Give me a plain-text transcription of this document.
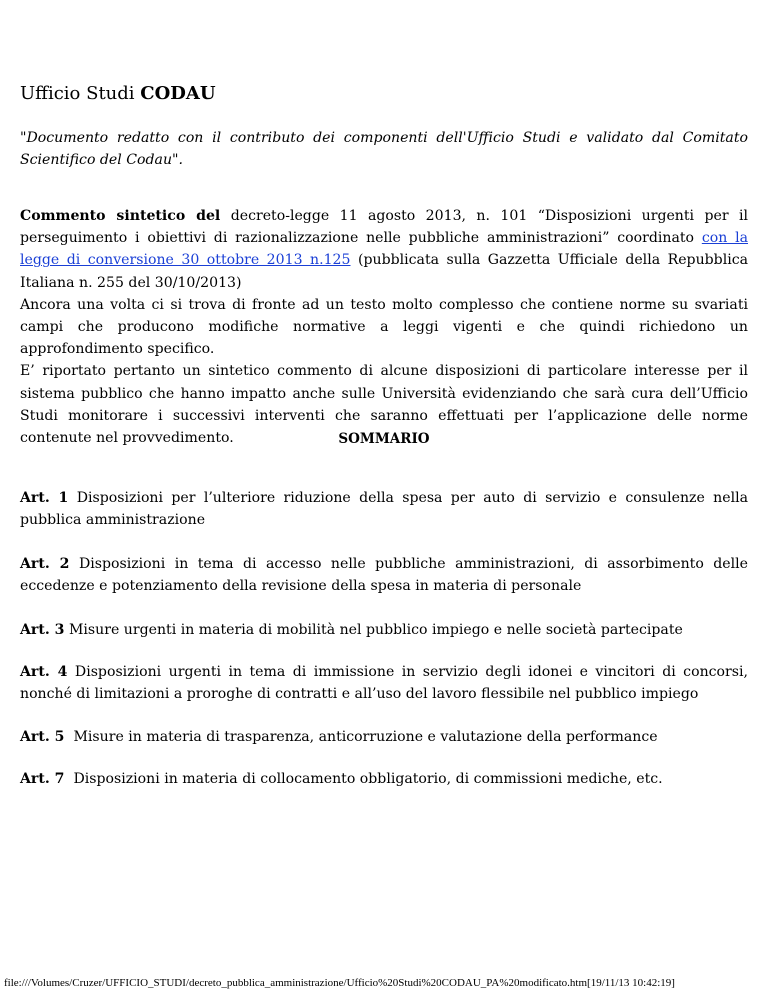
Ufficio Studi CODAU
"Documento redatto con il contributo dei componenti dell'Ufficio Studi e validato dal Comitato Scientifico del Codau".

Commento sintetico del decreto-legge 11 agosto 2013, n. 101 “Disposizioni urgenti per il perseguimento i obiettivi di razionalizzazione nelle pubbliche amministrazioni” coordinato con la legge di conversione 30 ottobre 2013 n.125 (pubblicata sulla Gazzetta Ufficiale della Repubblica Italiana n. 255 del 30/10/2013)

Ancora una volta ci si trova di fronte ad un testo molto complesso che contiene norme su svariati campi che producono modifiche normative a leggi vigenti e che quindi richiedono un approfondimento specifico.

E’ riportato pertanto un sintetico commento di alcune disposizioni di particolare interesse per il sistema pubblico che hanno impatto anche sulle Università evidenziando che sarà cura dell’Ufficio Studi monitorare i successivi interventi che saranno effettuati per l’applicazione delle norme contenute nel provvedimento.	SOMMARIO

Art. 1 Disposizioni per l’ulteriore riduzione della spesa per auto di servizio e consulenze nella pubblica amministrazione

Art. 2 Disposizioni in tema di accesso nelle pubbliche amministrazioni, di assorbimento delle eccedenze e potenziamento della revisione della spesa in materia di personale

Art. 3 Misure urgenti in materia di mobilità nel pubblico impiego e nelle società partecipate

Art. 4 Disposizioni urgenti in tema di immissione in servizio degli idonei e vincitori di concorsi, nonché di limitazioni a proroghe di contratti e all’uso del lavoro flessibile nel pubblico impiego

Art. 5  Misure in materia di trasparenza, anticorruzione e valutazione della performance

Art. 7  Disposizioni in materia di collocamento obbligatorio, di commissioni mediche, etc.

file:///Volumes/Cruzer/UFFICIO_STUDI/decreto_pubblica_amministrazione/Ufficio%20Studi%20CODAU_PA%20modificato.htm[19/11/13 10:42:19]
